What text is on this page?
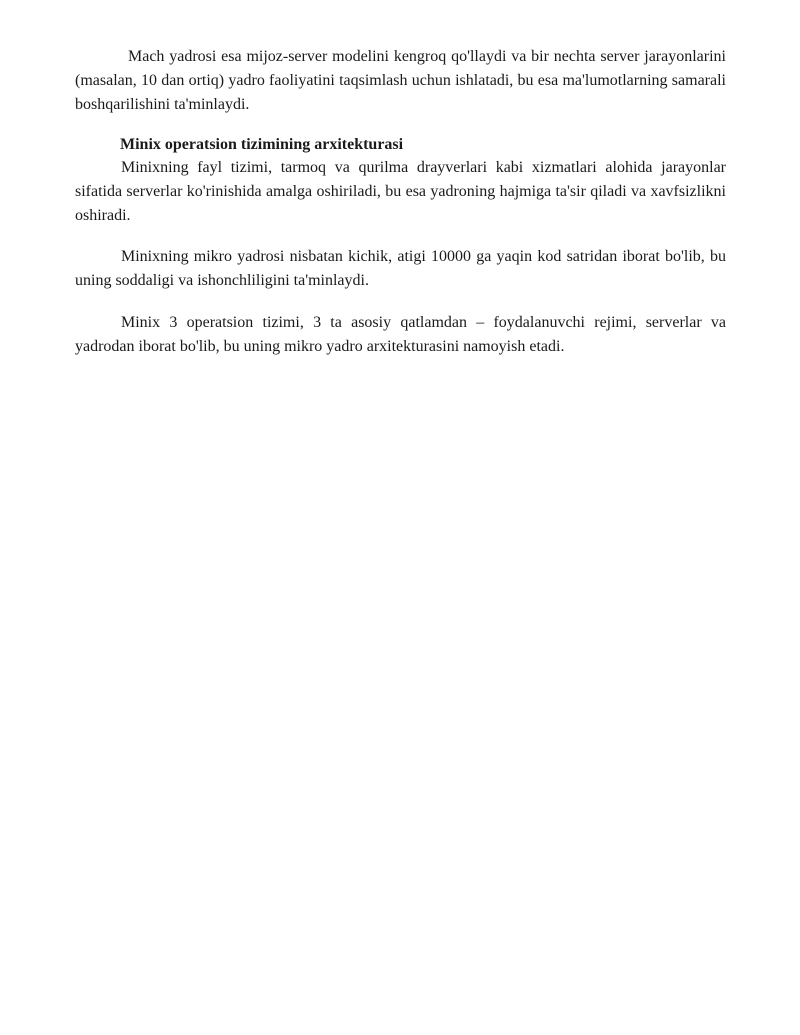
Mach yadrosi esa mijoz-server modelini kengroq qo'llaydi va bir nechta server jarayonlarini (masalan, 10 dan ortiq) yadro faoliyatini taqsimlash uchun ishlatadi, bu esa ma'lumotlarning samarali boshqarilishini ta'minlaydi.

Minix operatsion tizimining arxitekturasi

Minixning fayl tizimi, tarmoq va qurilma drayverlari kabi xizmatlari alohida jarayonlar sifatida serverlar ko'rinishida amalga oshiriladi, bu esa yadroning hajmiga ta'sir qiladi va xavfsizlikni oshiradi.

Minixning mikro yadrosi nisbatan kichik, atigi 10000 ga yaqin kod satridan iborat bo'lib, bu uning soddaligi va ishonchliligini ta'minlaydi.

Minix 3 operatsion tizimi, 3 ta asosiy qatlamdan – foydalanuvchi rejimi, serverlar va yadrodan iborat bo'lib, bu uning mikro yadro arxitekturasini namoyish etadi.
